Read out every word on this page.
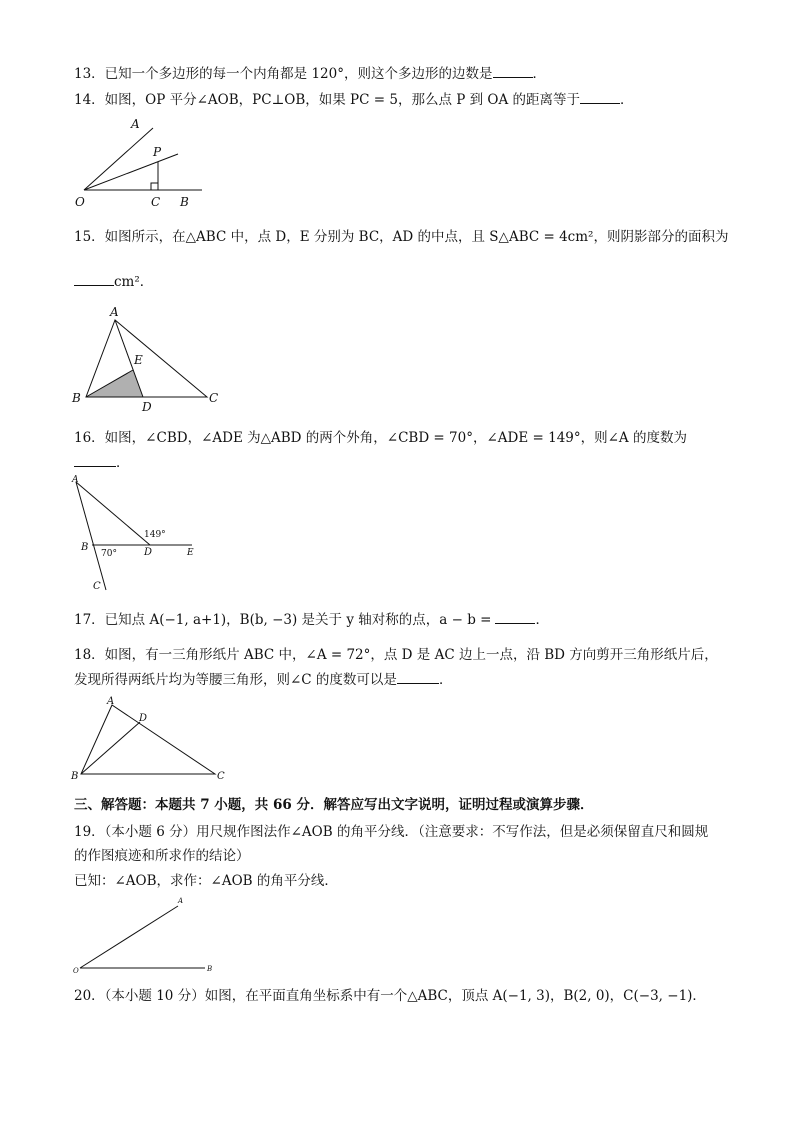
13．已知一个多边形的每一个内角都是 120°，则这个多边形的边数是	．
14．如图，OP 平分∠AOB，PC⊥OB，如果 PC = 5，那么点 P 到 OA 的距离等于	．
A
P
O	C B
15．如图所示，在△ABC 中，点 D，E 分别为 BC，AD 的中点，且 S△ABC = 4cm²，则阴影部分的面积为
cm²．
A
E
B
D
C
16．如图，∠CBD，∠ADE 为△ABD 的两个外角，∠CBD = 70°，∠ADE = 149°，则∠A 的度数为
．
A
B	D	E
C
149°
70°
17．已知点 A(−1, a+1)，B(b, −3) 是关于 y 轴对称的点，a − b =	．
18．如图，有一三角形纸片 ABC 中，∠A = 72°，点 D 是 AC 边上一点，沿 BD 方向剪开三角形纸片后，
发现所得两纸片均为等腰三角形，则∠C 的度数可以是	．
A
D
B	C
三、解答题：本题共 7 小题，共 66 分．解答应写出文字说明，证明过程或演算步骤．
19．（本小题 6 分）用尺规作图法作∠AOB 的角平分线．（注意要求：不写作法，但是必须保留直尺和圆规
的作图痕迹和所求作的结论）
已知：∠AOB，求作：∠AOB 的角平分线．
A
O	B
20．（本小题 10 分）如图，在平面直角坐标系中有一个△ABC，顶点 A(−1, 3)，B(2, 0)，C(−3, −1)．
